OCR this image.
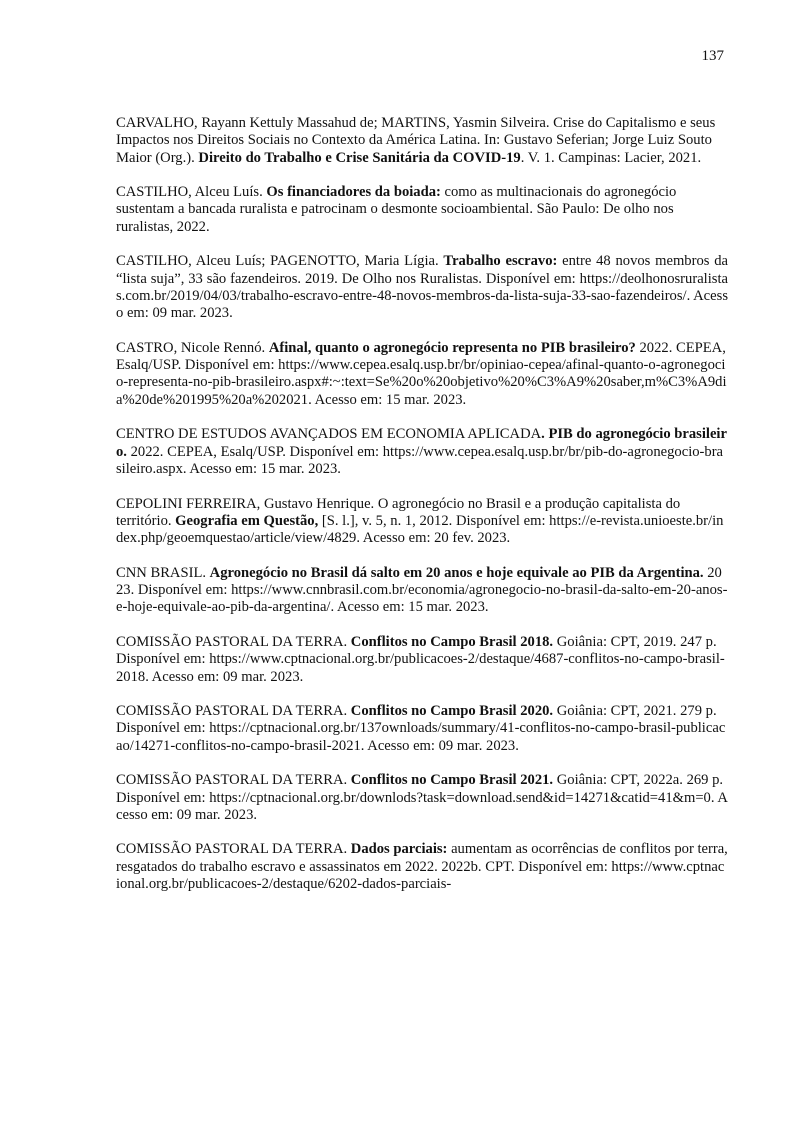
137

CARVALHO, Rayann Kettuly Massahud de; MARTINS, Yasmin Silveira. Crise do Capitalismo e seus Impactos nos Direitos Sociais no Contexto da América Latina. In: Gustavo Seferian; Jorge Luiz Souto Maior (Org.). Direito do Trabalho e Crise Sanitária da COVID-19. V. 1. Campinas: Lacier, 2021.

CASTILHO, Alceu Luís. Os financiadores da boiada: como as multinacionais do agronegócio sustentam a bancada ruralista e patrocinam o desmonte socioambiental. São Paulo: De olho nos ruralistas, 2022.

CASTILHO, Alceu Luís; PAGENOTTO, Maria Lígia. Trabalho escravo: entre 48 novos membros da “lista suja”, 33 são fazendeiros. 2019. De Olho nos Ruralistas. Disponível em: https://deolhonosruralistas.com.br/2019/04/03/trabalho-escravo-entre-48-novos-membros-da-lista-suja-33-sao-fazendeiros/. Acesso em: 09 mar. 2023.

CASTRO, Nicole Rennó. Afinal, quanto o agronegócio representa no PIB brasileiro? 2022. CEPEA, Esalq/USP. Disponível em: https://www.cepea.esalq.usp.br/br/opiniao-cepea/afinal-quanto-o-agronegocio-representa-no-pib-brasileiro.aspx#:~:text=Se%20o%20objetivo%20%C3%A9%20saber,m%C3%A9dia%20de%201995%20a%202021. Acesso em: 15 mar. 2023.

CENTRO DE ESTUDOS AVANÇADOS EM ECONOMIA APLICADA. PIB do agronegócio brasileiro. 2022. CEPEA, Esalq/USP. Disponível em: https://www.cepea.esalq.usp.br/br/pib-do-agronegocio-brasileiro.aspx. Acesso em: 15 mar. 2023.

CEPOLINI FERREIRA, Gustavo Henrique. O agronegócio no Brasil e a produção capitalista do território. Geografia em Questão, [S. l.], v. 5, n. 1, 2012. Disponível em: https://e-revista.unioeste.br/index.php/geoemquestao/article/view/4829. Acesso em: 20 fev. 2023.

CNN BRASIL. Agronegócio no Brasil dá salto em 20 anos e hoje equivale ao PIB da Argentina. 2023. Disponível em: https://www.cnnbrasil.com.br/economia/agronegocio-no-brasil-da-salto-em-20-anos-e-hoje-equivale-ao-pib-da-argentina/. Acesso em: 15 mar. 2023.

COMISSÃO PASTORAL DA TERRA. Conflitos no Campo Brasil 2018. Goiânia: CPT, 2019. 247 p. Disponível em: https://www.cptnacional.org.br/publicacoes-2/destaque/4687-conflitos-no-campo-brasil-2018. Acesso em: 09 mar. 2023.

COMISSÃO PASTORAL DA TERRA. Conflitos no Campo Brasil 2020. Goiânia: CPT, 2021. 279 p. Disponível em: https://cptnacional.org.br/137ownloads/summary/41-conflitos-no-campo-brasil-publicacao/14271-conflitos-no-campo-brasil-2021. Acesso em: 09 mar. 2023.

COMISSÃO PASTORAL DA TERRA. Conflitos no Campo Brasil 2021. Goiânia: CPT, 2022a. 269 p. Disponível em: https://cptnacional.org.br/downlods?task=download.send&id=14271&catid=41&m=0. Acesso em: 09 mar. 2023.

COMISSÃO PASTORAL DA TERRA. Dados parciais: aumentam as ocorrências de conflitos por terra, resgatados do trabalho escravo e assassinatos em 2022. 2022b. CPT. Disponível em: https://www.cptnacional.org.br/publicacoes-2/destaque/6202-dados-parciais-
